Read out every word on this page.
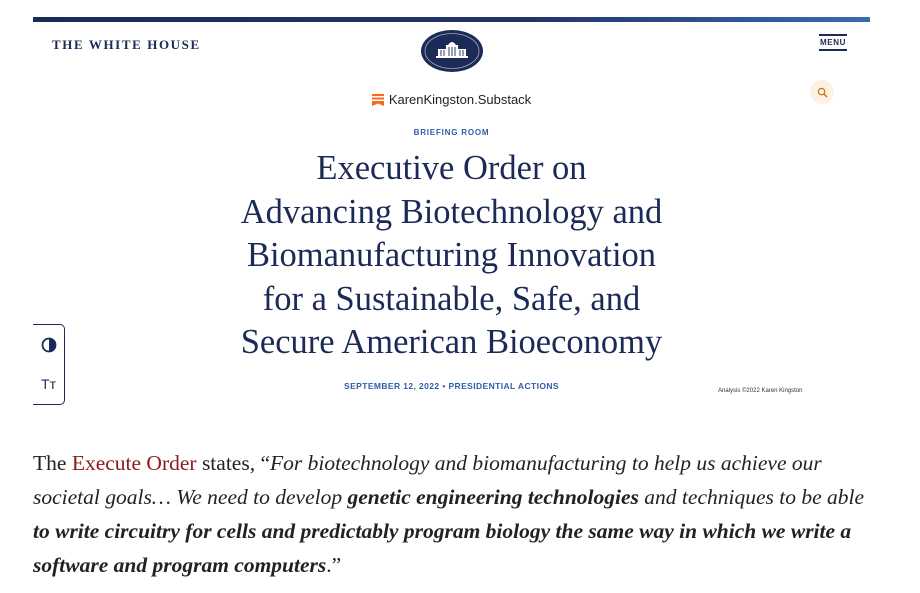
THE WHITE HOUSE	MENU
KarenKingston.Substack
BRIEFING ROOM
Executive Order on
Advancing Biotechnology and
Biomanufacturing Innovation
for a Sustainable, Safe, and
Secure American Bioeconomy
SEPTEMBER 12, 2022 • PRESIDENTIAL ACTIONS	Analysis ©2022 Karen Kingston
Tт
The Execute Order states, “For biotechnology and biomanufacturing to help us achieve our societal goals… We need to develop genetic engineering technologies and techniques to be able to write circuitry for cells and predictably program biology the same way in which we write a software and program computers.”
